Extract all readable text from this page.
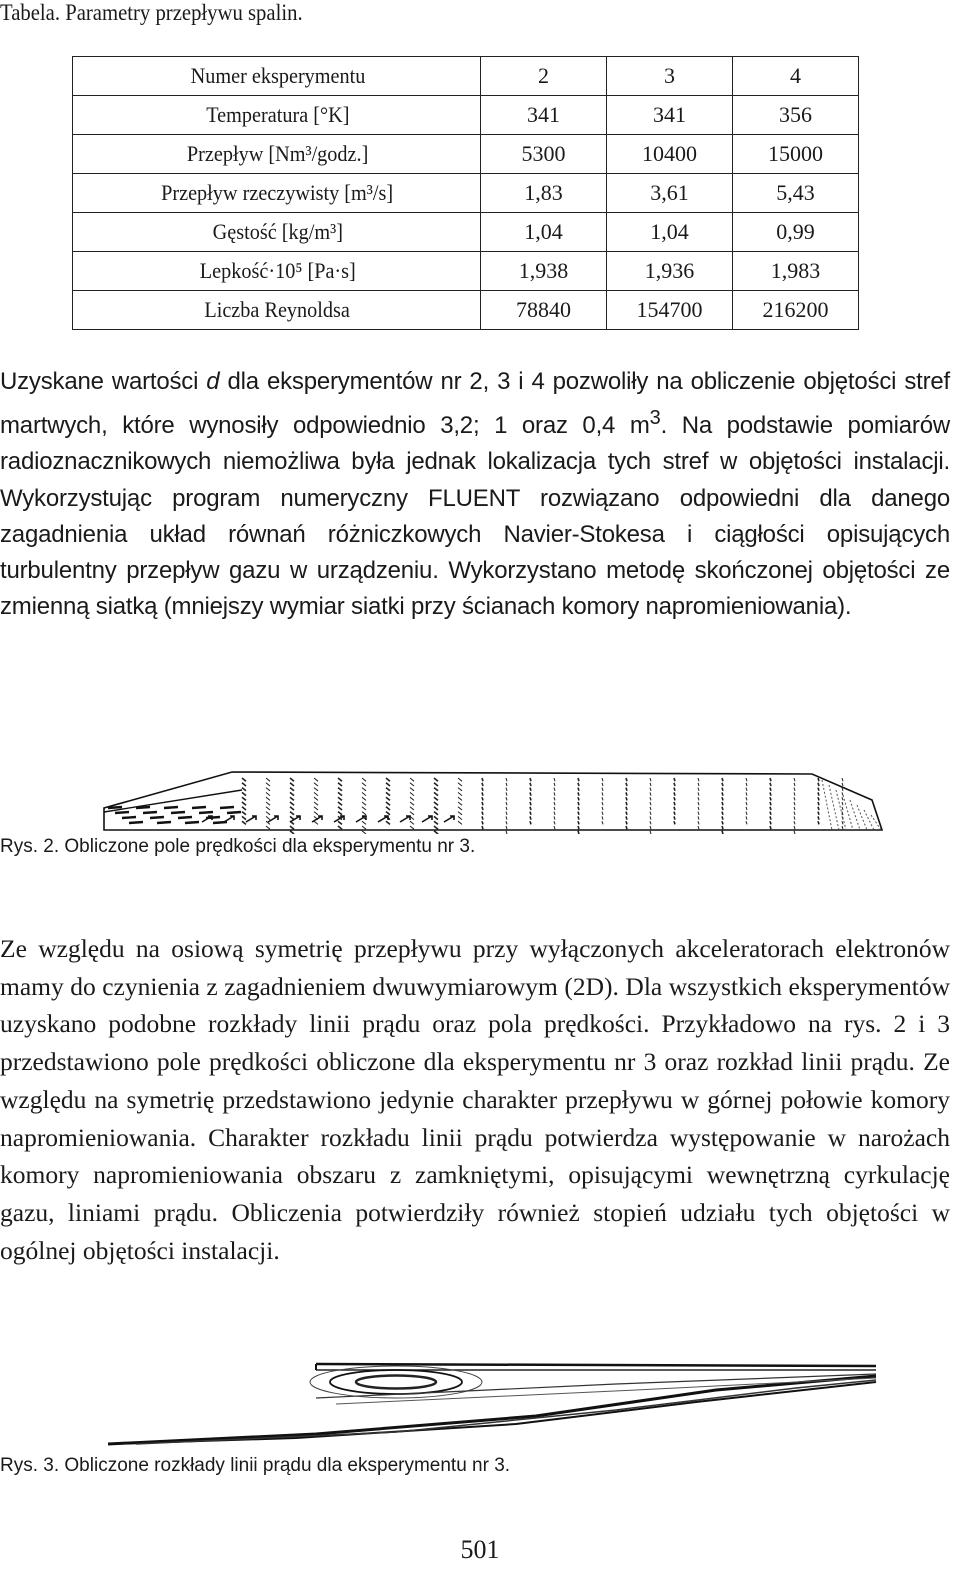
Tabela. Parametry przepływu spalin.
Numer eksperymentu	2	3	4
Temperatura [°K]	341	341	356
Przepływ [Nm³/godz.]	5300	10400	15000
Przepływ rzeczywisty [m³/s]	1,83	3,61	5,43
Gęstość [kg/m³]	1,04	1,04	0,99
Lepkość·10⁵ [Pa·s]	1,938	1,936	1,983
Liczba Reynoldsa	78840	154700	216200

Uzyskane wartości d dla eksperymentów nr 2, 3 i 4 pozwoliły na obliczenie objętości stref martwych, które wynosiły odpowiednio 3,2; 1 oraz 0,4 $m^3$. Na podstawie pomiarów radioznacznikowych niemożliwa była jednak lokalizacja tych stref w objętości instalacji. Wykorzystując program numeryczny FLUENT rozwiązano odpowiedni dla danego zagadnienia układ równań różniczkowych Navier-Stokesa i ciągłości opisujących turbulentny przepływ gazu w urządzeniu. Wykorzystano metodę skończonej objętości ze zmienną siatką (mniejszy wymiar siatki przy ścianach komory napromieniowania).

Rys. 2. Obliczone pole prędkości dla eksperymentu nr 3.

Ze względu na osiową symetrię przepływu przy wyłączonych akceleratorach elektronów mamy do czynienia z zagadnieniem dwuwymiarowym (2D). Dla wszystkich eksperymentów uzyskano podobne rozkłady linii prądu oraz pola prędkości. Przykładowo na rys. 2 i 3 przedstawiono pole prędkości obliczone dla eksperymentu nr 3 oraz rozkład linii prądu. Ze względu na symetrię przedstawiono jedynie charakter przepływu w górnej połowie komory napromieniowania. Charakter rozkładu linii prądu potwierdza występowanie w narożach komory napromieniowania obszaru z zamkniętymi, opisującymi wewnętrzną cyrkulację gazu, liniami prądu. Obliczenia potwierdziły również stopień udziału tych objętości w ogólnej objętości instalacji.

Rys. 3. Obliczone rozkłady linii prądu dla eksperymentu nr 3.
501
